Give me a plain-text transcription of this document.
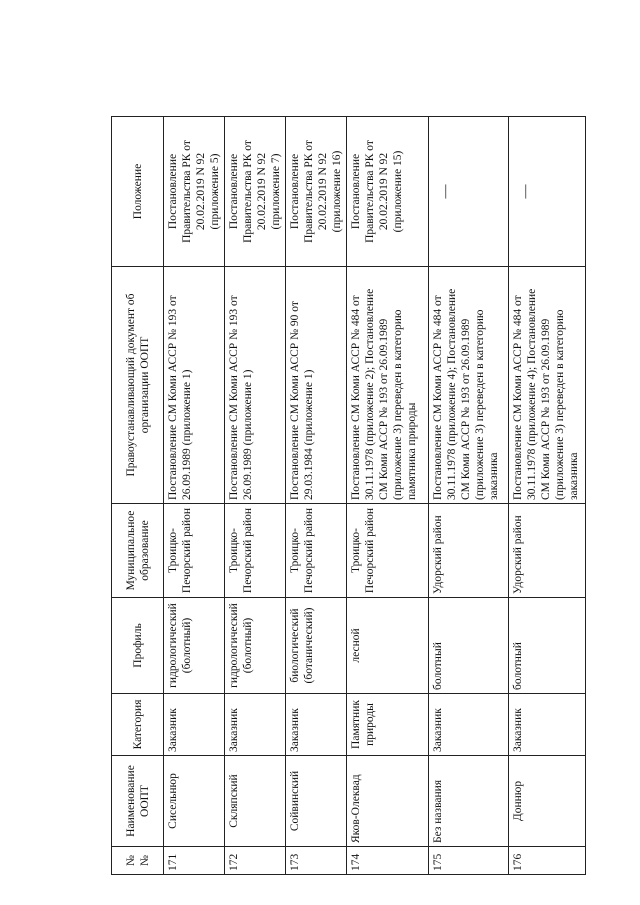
№ №	Наименование ООПТ	Категория	Профиль	Муниципальное образование	Правоустанавливающий документ об организации ООПТ	Положение
171	Сисельнюр	Заказник	гидрологический (болотный)	Троицко-Печорский район	Постановление СМ Коми АССР № 193 от 26.09.1989 (приложение 1)	Постановление Правительства РК от 20.02.2019 N 92 (приложение 5)
172	Скляпский	Заказник	гидрологический (болотный)	Троицко-Печорский район	Постановление СМ Коми АССР № 193 от 26.09.1989 (приложение 1)	Постановление Правительства РК от 20.02.2019 N 92 (приложение 7)
173	Сойвинский	Заказник	биологический (ботанический)	Троицко-Печорский район	Постановление СМ Коми АССР № 90 от 29.03.1984 (приложение 1)	Постановление Правительства РК от 20.02.2019 N 92 (приложение 16)
174	Яков-Олеквад	Памятник природы	лесной	Троицко-Печорский район	Постановление СМ Коми АССР № 484 от 30.11.1978 (приложение 2); Постановление СМ Коми АССР № 193 от 26.09.1989 (приложение 3) переведен в категорию памятника природы	Постановление Правительства РК от 20.02.2019 N 92 (приложение 15)
175	Без названия	Заказник	болотный	Удорский район	Постановление СМ Коми АССР № 484 от 30.11.1978 (приложение 4); Постановление СМ Коми АССР № 193 от 26.09.1989 (приложение 3) переведен в категорию заказника	—

176	Доннюр	Заказник	болотный	Удорский район	Постановление СМ Коми АССР № 484 от 30.11.1978 (приложение 4); Постановление СМ Коми АССР № 193 от 26.09.1989 (приложение 3) переведен в категорию заказника	—
